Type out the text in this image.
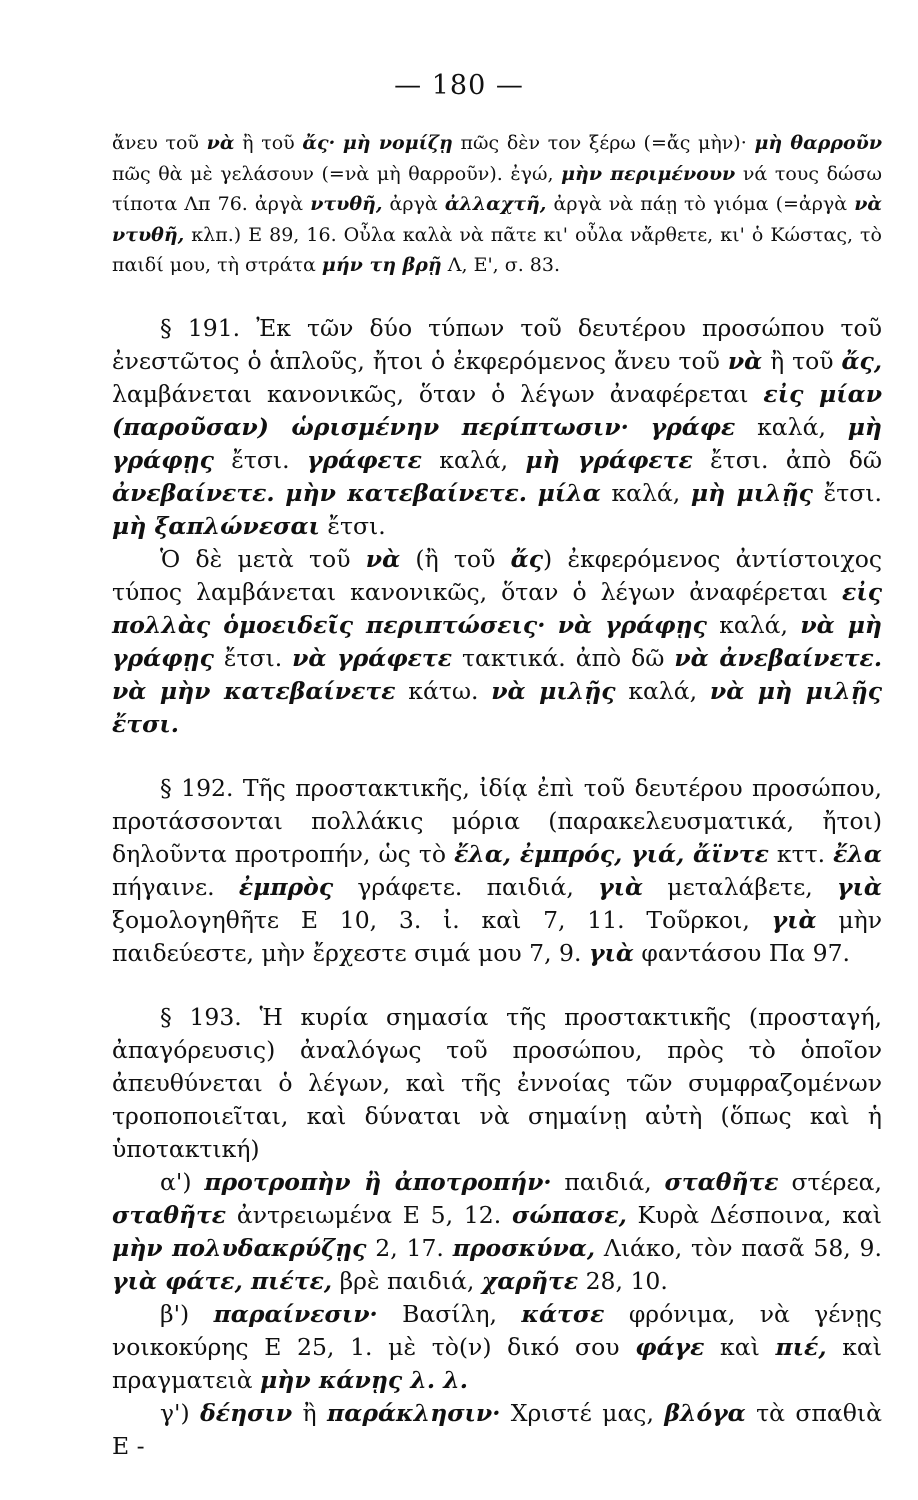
— 180 —
ἄνευ τοῦ νὰ ἢ τοῦ ἄς· μὴ νομίζῃ πῶς δὲν τον ξέρω (=ἄς μὴν)· μὴ θαρροῦν πῶς θὰ μὲ γελάσουν (=νὰ μὴ θαρροῦν). ἐγώ, μὴν περιμένουν νά τους δώσω τίποτα Λπ 76. ἀργὰ ντυθῆ, ἀργὰ ἀλλαχτῆ, ἀργὰ νὰ πάῃ τὸ γιόμα (=ἀργὰ νὰ ντυθῆ, κλπ.) Ε 89, 16. Οὖλα καλὰ νὰ πᾶτε κι' οὖλα νἄρθετε, κι' ὁ Κώστας, τὸ παιδί μου, τὴ στράτα μήν τη βρῇ Λ, Ε', σ. 83.

§ 191. Ἐκ τῶν δύο τύπων τοῦ δευτέρου προσώπου τοῦ ἐνεστῶτος ὁ ἁπλοῦς, ἤτοι ὁ ἐκφερόμενος ἄνευ τοῦ νὰ ἢ τοῦ ἄς, λαμβάνεται κανονικῶς, ὅταν ὁ λέγων ἀναφέρεται εἰς μίαν (παροῦσαν) ὡρισμένην περίπτωσιν· γράφε καλά, μὴ γράφῃς ἔτσι. γράφετε καλά, μὴ γράφετε ἔτσι. ἀπὸ δῶ ἀνεβαίνετε. μὴν κατεβαίνετε. μίλα καλά, μὴ μιλῇς ἔτσι. μὴ ξαπλώνεσαι ἔτσι.

Ὁ δὲ μετὰ τοῦ νὰ (ἢ τοῦ ἄς) ἐκφερόμενος ἀντίστοιχος τύπος λαμβάνεται κανονικῶς, ὅταν ὁ λέγων ἀναφέρεται εἰς πολλὰς ὁμοειδεῖς περιπτώσεις· νὰ γράφῃς καλά, νὰ μὴ γράφῃς ἔτσι. νὰ γράφετε τακτικά. ἀπὸ δῶ νὰ ἀνεβαίνετε. νὰ μὴν κατεβαίνετε κάτω. νὰ μιλῇς καλά, νὰ μὴ μιλῇς ἔτσι.

§ 192. Τῆς προστακτικῆς, ἰδίᾳ ἐπὶ τοῦ δευτέρου προσώπου, προτάσσονται πολλάκις μόρια (παρακελευσματικά, ἤτοι) δηλοῦντα προτροπήν, ὡς τὸ ἔλα, ἐμπρός, γιά, ἄϊντε κττ. ἔλα πήγαινε. ἐμπρὸς γράφετε. παιδιά, γιὰ μεταλάβετε, γιὰ ξομολογηθῆτε Ε 10, 3. ἰ. καὶ 7, 11. Τοῦρκοι, γιὰ μὴν παιδεύεστε, μὴν ἔρχεστε σιμά μου 7, 9. γιὰ φαντάσου Πα 97.

§ 193. Ἡ κυρία σημασία τῆς προστακτικῆς (προσταγή, ἀπαγόρευσις) ἀναλόγως τοῦ προσώπου, πρὸς τὸ ὁποῖον ἀπευθύνεται ὁ λέγων, καὶ τῆς ἐννοίας τῶν συμφραζομένων τροποποιεῖται, καὶ δύναται νὰ σημαίνῃ αὐτὴ (ὅπως καὶ ἡ ὑποτακτική)

α') προτροπὴν ἢ ἀποτροπήν· παιδιά, σταθῆτε στέρεα, σταθῆτε ἀντρειωμένα Ε 5, 12. σώπασε, Κυρὰ Δέσποινα, καὶ μὴν πολυδακρύζῃς 2, 17. προσκύνα, Λιάκο, τὸν πασᾶ 58, 9. γιὰ φάτε, πιέτε, βρὲ παιδιά, χαρῆτε 28, 10.

β') παραίνεσιν· Βασίλη, κάτσε φρόνιμα, νὰ γένῃς νοικοκύρης Ε 25, 1. μὲ τὸ(ν) δικό σου φάγε καὶ πιέ, καὶ πραγματειὰ μὴν κάνῃς λ. λ.

γ') δέησιν ἢ παράκλησιν· Χριστέ μας, βλόγα τὰ σπαθιὰ Ε -
